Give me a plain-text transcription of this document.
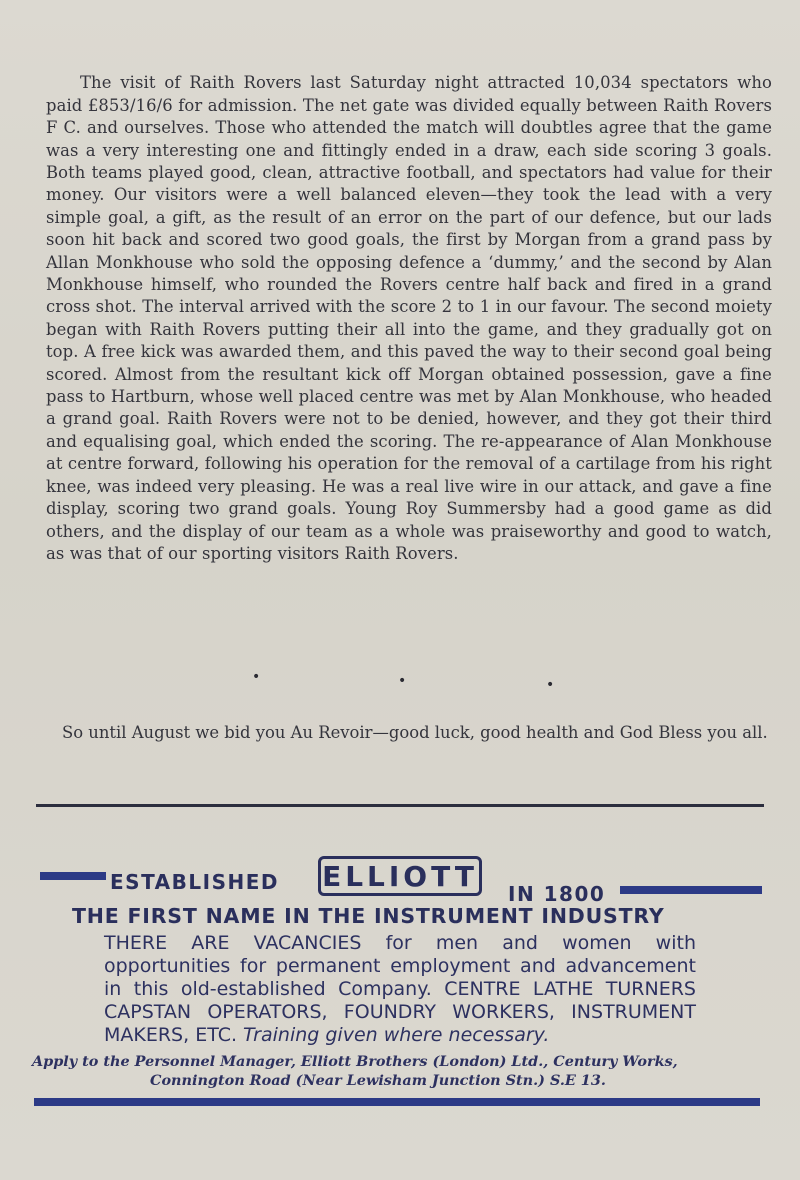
The visit of Raith Rovers last Saturday night attracted 10,034 spectators who paid £853/16/6 for admission. The net gate was divided equally between Raith Rovers F C. and ourselves. Those who attended the match will doubtles agree that the game was a very interesting one and fittingly ended in a draw, each side scoring 3 goals. Both teams played good, clean, attractive football, and spectators had value for their money. Our visitors were a well balanced eleven—they took the lead with a very simple goal, a gift, as the result of an error on the part of our defence, but our lads soon hit back and scored two good goals, the first by Morgan from a grand pass by Allan Monkhouse who sold the opposing defence a ‘dummy,’ and the second by Alan Monkhouse himself, who rounded the Rovers centre half back and fired in a grand cross shot. The interval arrived with the score 2 to 1 in our favour. The second moiety began with Raith Rovers putting their all into the game, and they gradually got on top. A free kick was awarded them, and this paved the way to their second goal being scored. Almost from the resultant kick off Morgan obtained possession, gave a fine pass to Hartburn, whose well placed centre was met by Alan Monkhouse, who headed a grand goal. Raith Rovers were not to be denied, however, and they got their third and equalising goal, which ended the scoring. The re-appearance of Alan Monkhouse at centre forward, following his operation for the removal of a cartilage from his right knee, was indeed very pleasing. He was a real live wire in our attack, and gave a fine display, scoring two grand goals. Young Roy Summersby had a good game as did others, and the display of our team as a whole was praiseworthy and good to watch, as was that of our sporting visitors Raith Rovers.

•	•	•

So until August we bid you Au Revoir—good luck, good health and God Bless you all.

ESTABLISHED ELLIOTT
IN 1800
THE FIRST NAME IN THE INSTRUMENT INDUSTRY
THERE ARE VACANCIES for men and women with opportunities for permanent employment and advancement in this old-established Company. CENTRE LATHE TURNERS CAPSTAN OPERATORS, FOUNDRY WORKERS, INSTRUMENT MAKERS, ETC. Training given where necessary.
Apply to the Personnel Manager, Elliott Brothers (London) Ltd., Century Works,
Connington Road (Near Lewisham Junction Stn.) S.E 13.
